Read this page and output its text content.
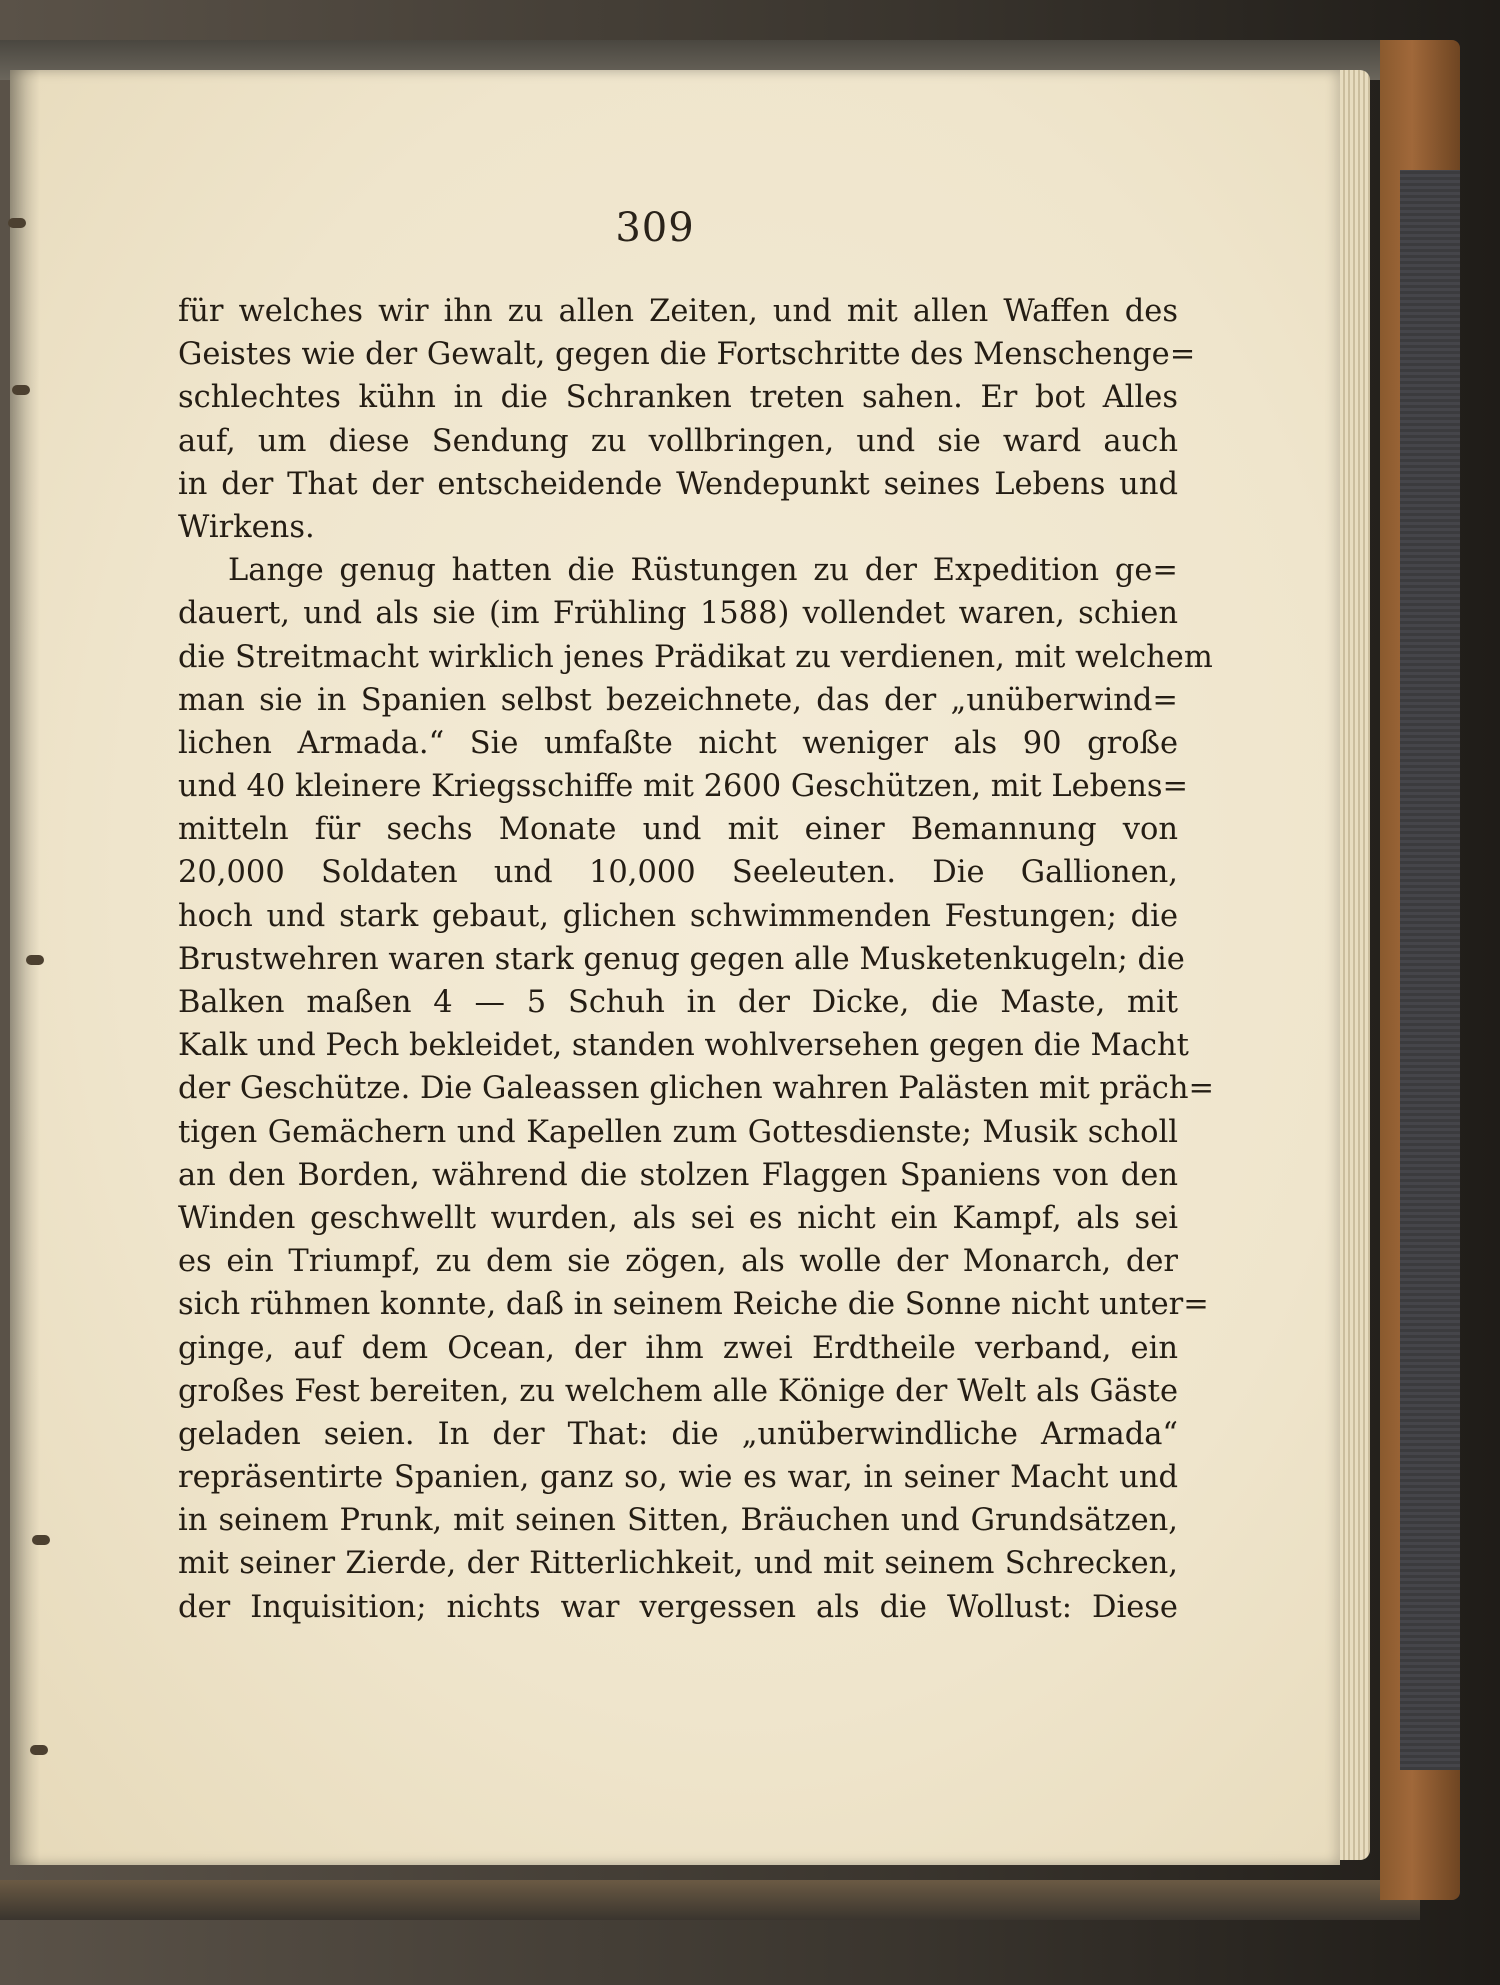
309
für welches wir ihn zu allen Zeiten, und mit allen Waffen des
Geistes wie der Gewalt, gegen die Fortschritte des Menschenge=
schlechtes kühn in die Schranken treten sahen. Er bot Alles
auf, um diese Sendung zu vollbringen, und sie ward auch
in der That der entscheidende Wendepunkt seines Lebens und
Wirkens.
Lange genug hatten die Rüstungen zu der Expedition ge=
dauert, und als sie (im Frühling 1588) vollendet waren, schien
die Streitmacht wirklich jenes Prädikat zu verdienen, mit welchem
man sie in Spanien selbst bezeichnete, das der „unüberwind=
lichen Armada.“ Sie umfaßte nicht weniger als 90 große
und 40 kleinere Kriegsschiffe mit 2600 Geschützen, mit Lebens=
mitteln für sechs Monate und mit einer Bemannung von
20,000 Soldaten und 10,000 Seeleuten. Die Gallionen,
hoch und stark gebaut, glichen schwimmenden Festungen; die
Brustwehren waren stark genug gegen alle Musketenkugeln; die
Balken maßen 4 — 5 Schuh in der Dicke, die Maste, mit
Kalk und Pech bekleidet, standen wohlversehen gegen die Macht
der Geschütze. Die Galeassen glichen wahren Palästen mit präch=
tigen Gemächern und Kapellen zum Gottesdienste; Musik scholl
an den Borden, während die stolzen Flaggen Spaniens von den
Winden geschwellt wurden, als sei es nicht ein Kampf, als sei
es ein Triumpf, zu dem sie zögen, als wolle der Monarch, der
sich rühmen konnte, daß in seinem Reiche die Sonne nicht unter=
ginge, auf dem Ocean, der ihm zwei Erdtheile verband, ein
großes Fest bereiten, zu welchem alle Könige der Welt als Gäste
geladen seien. In der That: die „unüberwindliche Armada“
repräsentirte Spanien, ganz so, wie es war, in seiner Macht und
in seinem Prunk, mit seinen Sitten, Bräuchen und Grundsätzen,
mit seiner Zierde, der Ritterlichkeit, und mit seinem Schrecken,
der Inquisition; nichts war vergessen als die Wollust: Diese
